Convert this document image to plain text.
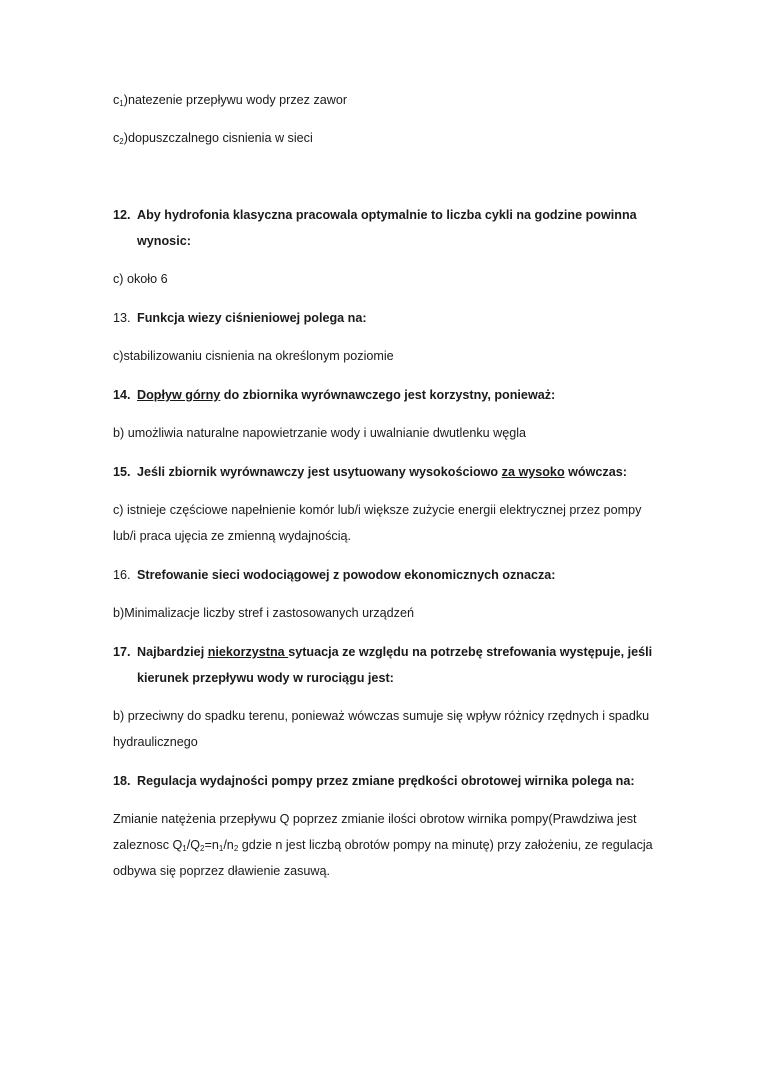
$c_1)natezenie$ przepływu wody przez zawor
$c_2)dopuszczalnego$ cisnienia w sieci
12. Aby hydrofonia klasyczna pracowala optymalnie to liczba cykli na godzine powinna
wynosic:
c) około 6
13. Funkcja wiezy ciśnieniowej polega na:
c)stabilizowaniu cisnienia na określonym poziomie
14. Dopływ górny do zbiornika wyrównawczego jest korzystny, ponieważ:
b) umożliwia naturalne napowietrzanie wody i uwalnianie dwutlenku węgla
15. Jeśli zbiornik wyrównawczy jest usytuowany wysokościowo za wysoko wówczas:
c) istnieje częściowe napełnienie komór lub/i większe zużycie energii elektrycznej przez pompy
lub/i praca ujęcia ze zmienną wydajnością.
16. Strefowanie sieci wodociągowej z powodow ekonomicznych oznacza:
b)Minimalizacje liczby stref i zastosowanych urządzeń
17. Najbardziej niekorzystna sytuacja ze względu na potrzebę strefowania występuje, jeśli
kierunek przepływu wody w rurociągu jest:
b) przeciwny do spadku terenu, ponieważ wówczas sumuje się wpływ różnicy rzędnych i spadku
hydraulicznego
18. Regulacja wydajności pompy przez zmiane prędkości obrotowej wirnika polega na:
Zmianie natężenia przepływu Q poprzez zmianie ilości obrotow wirnika pompy(Prawdziwa jest
zaleznosc $Q_1/Q_2=n_1/n_2$ gdzie n jest liczbą obrotów pompy na minutę) przy założeniu, ze regulacja
odbywa się poprzez dławienie zasuwą.
